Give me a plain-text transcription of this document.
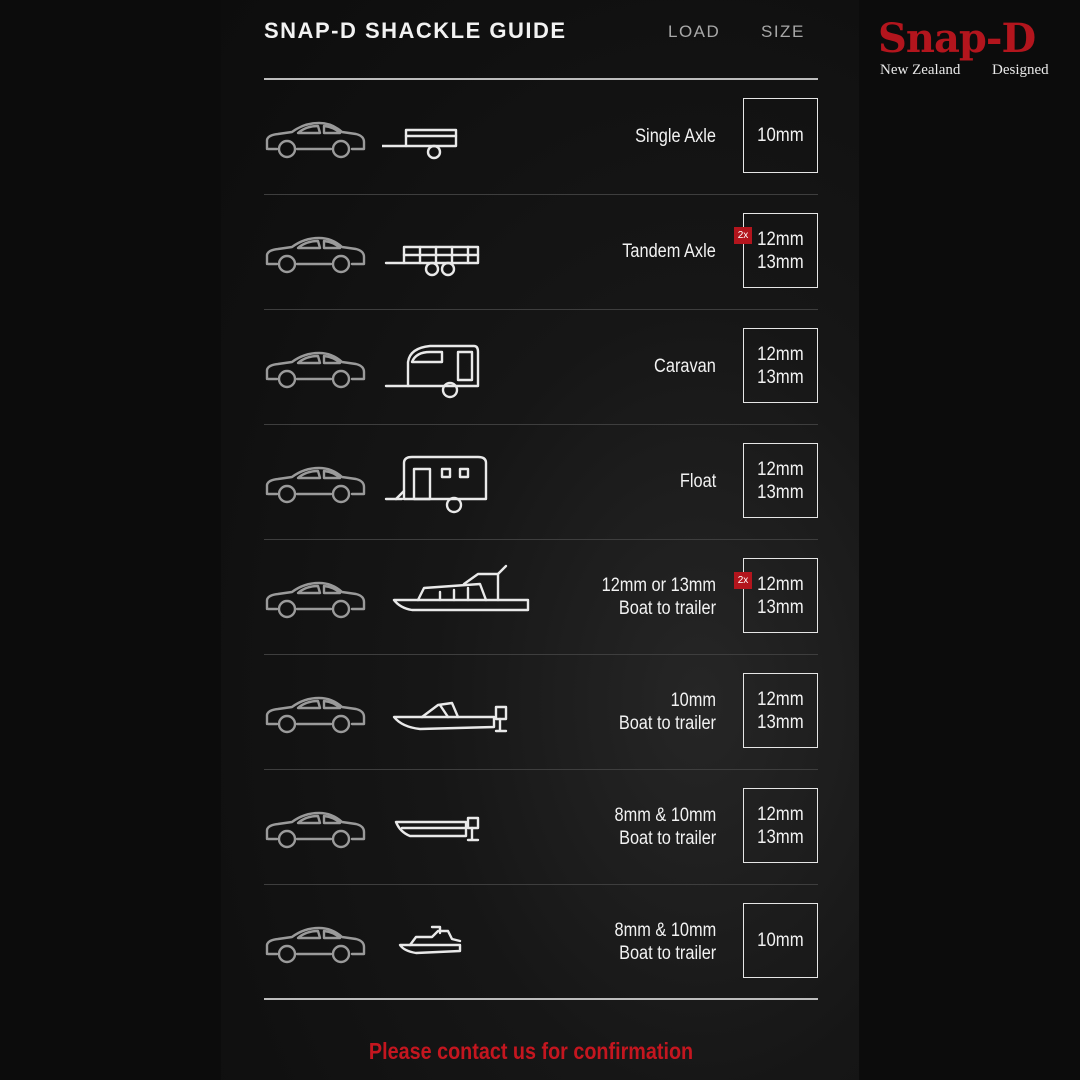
SNAP-D SHACKLE GUIDE	LOAD SIZE Snap-D
New Zealand Designed
Single Axle 10mm
Tandem Axle
12mm
13mm
2x
Caravan
12mm
13mm
Float
12mm
13mm
12mm or 13mm
Boat to trailer
12mm
13mm
2x
10mm
Boat to trailer
12mm
13mm
8mm & 10mm
Boat to trailer
12mm
13mm
8mm & 10mm
Boat to trailer
10mm
Please contact us for confirmation
